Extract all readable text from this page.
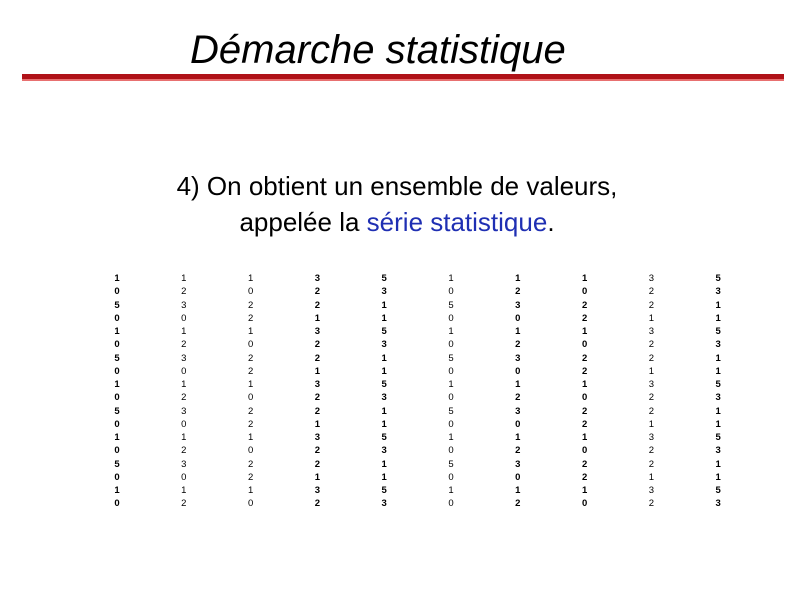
Démarche statistique
4) On obtient un ensemble de valeurs,
appelée la série statistique.
1
0
5
0
1
0
5
0
1
0
5
0
1
0
5
0
1
0
1
2
3
0
1
2
3
0
1
2
3
0
1
2
3
0
1
2
1
0
2
2
1
0
2
2
1
0
2
2
1
0
2
2
1
0
3
2
2
1
3
2
2
1
3
2
2
1
3
2
2
1
3
2
5
3
1
1
5
3
1
1
5
3
1
1
5
3
1
1
5
3
1
0
5
0
1
0
5
0
1
0
5
0
1
0
5
0
1
0
1
2
3
0
1
2
3
0
1
2
3
0
1
2
3
0
1
2
1
0
2
2
1
0
2
2
1
0
2
2
1
0
2
2
1
0
3
2
2
1
3
2
2
1
3
2
2
1
3
2
2
1
3
2
5
3
1
1
5
3
1
1
5
3
1
1
5
3
1
1
5
3
